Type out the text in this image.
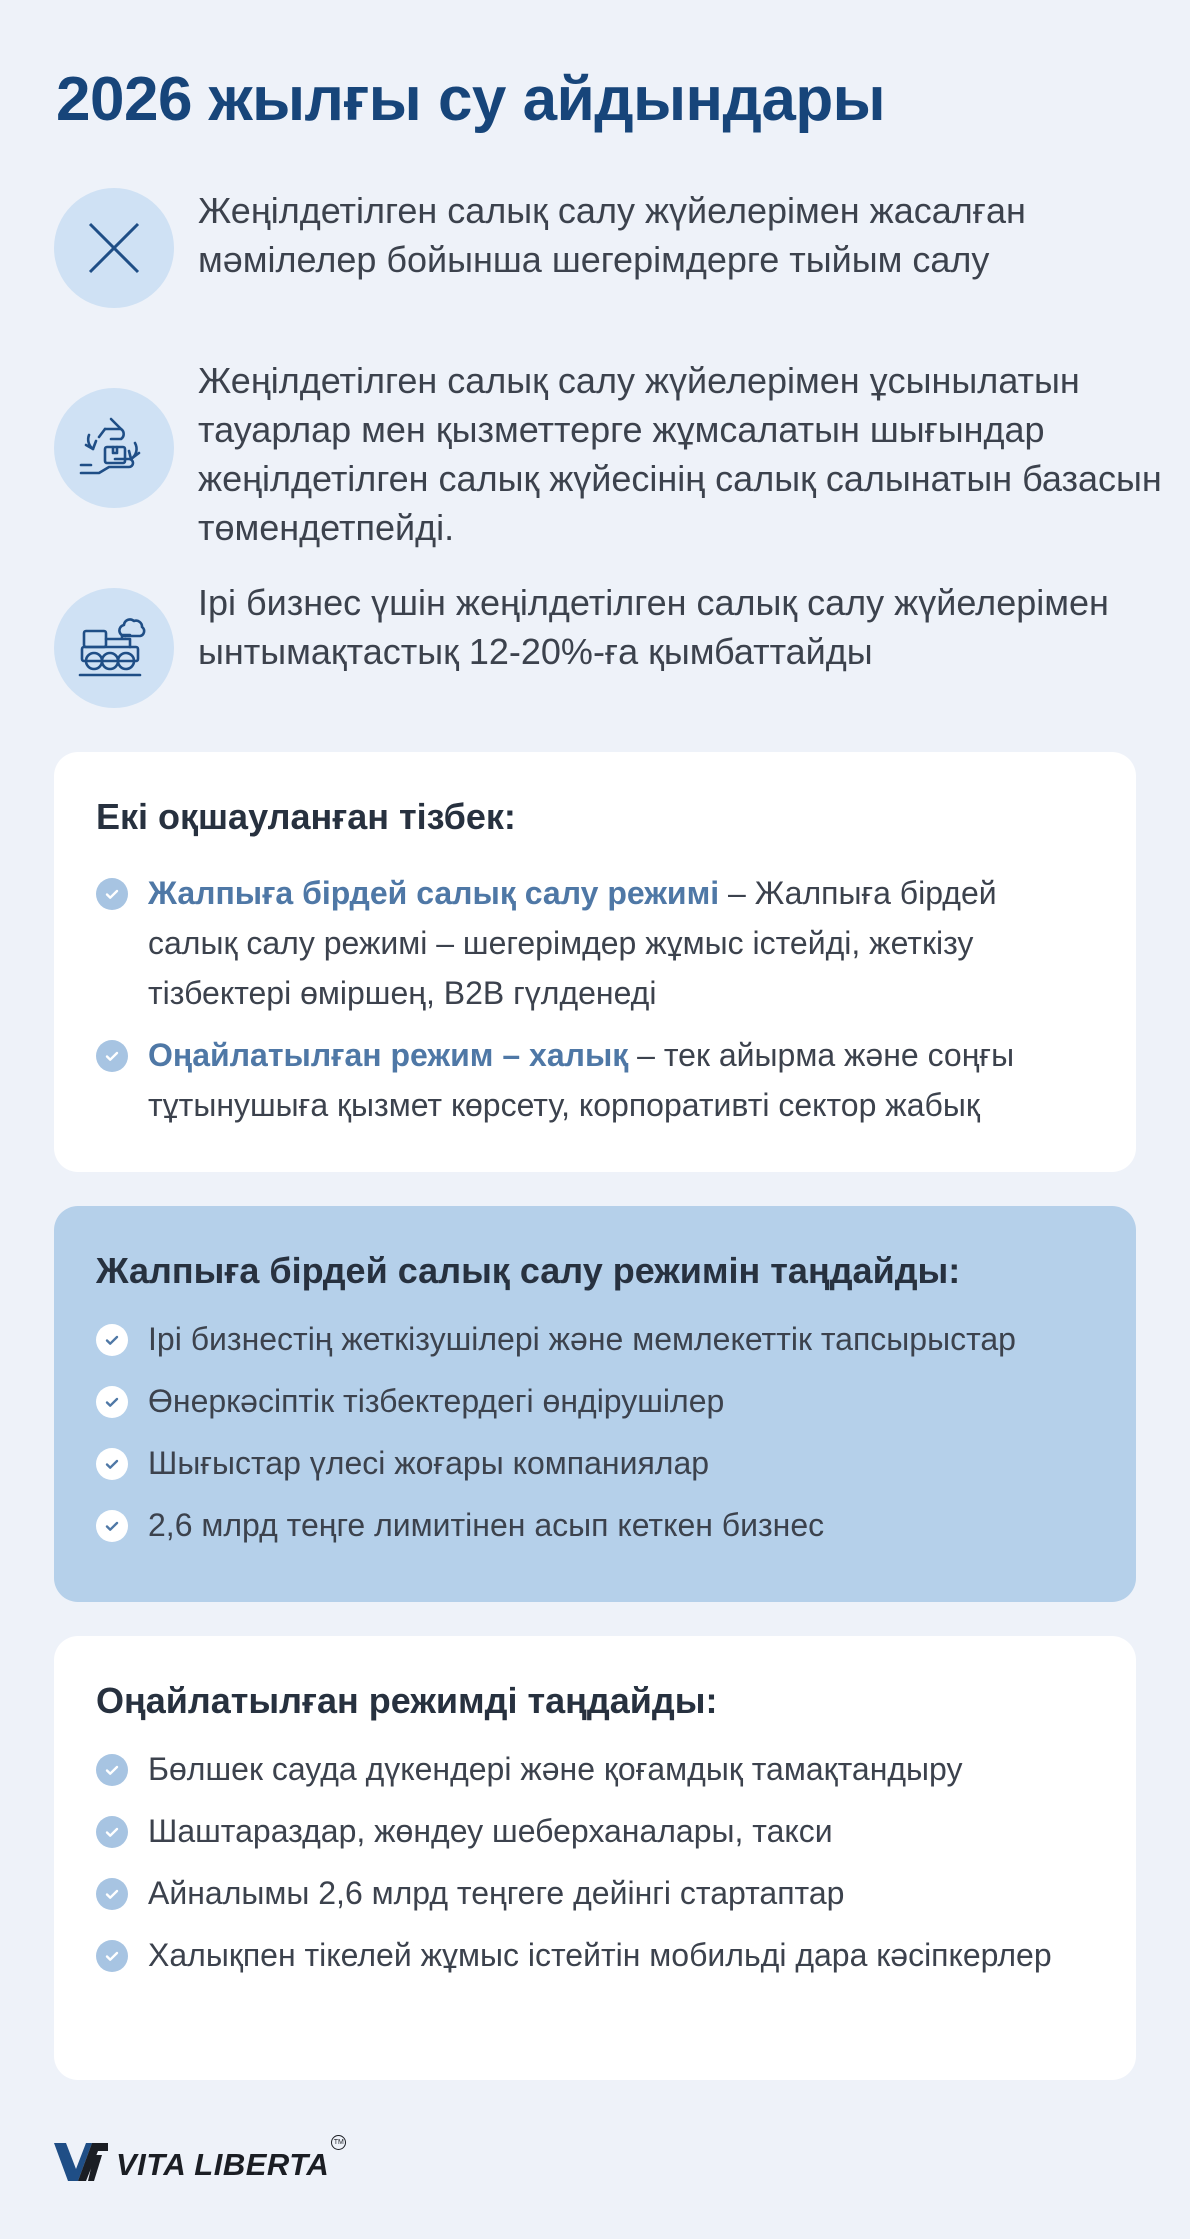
2026 жылғы су айдындары
Жеңілдетілген салық салу жүйелерімен жасалған мәмілелер бойынша шегерімдерге тыйым салу
Жеңілдетілген салық салу жүйелерімен ұсынылатын тауарлар мен қызметтерге жұмсалатын шығындар жеңілдетілген салық жүйесінің салық салынатын базасын төмендетпейді.
Ірі бизнес үшін жеңілдетілген салық салу жүйелерімен ынтымақтастық 12-20%-ға қымбаттайды
Екі оқшауланған тізбек:
Жалпыға бірдей салық салу режимі – Жалпыға бірдей салық салу режимі – шегерімдер жұмыс істейді, жеткізу тізбектері өміршең, B2B гүлденеді
Оңайлатылған режим – халық – тек айырма және соңғы тұтынушыға қызмет көрсету, корпоративті сектор жабық
Жалпыға бірдей салық салу режимін таңдайды:
Ірі бизнестің жеткізушілері және мемлекеттік тапсырыстар
Өнеркәсіптік тізбектердегі өндірушілер
Шығыстар үлесі жоғары компаниялар
2,6 млрд теңге лимитінен асып кеткен бизнес
Оңайлатылған режимді таңдайды:
Бөлшек сауда дүкендері және қоғамдық тамақтандыру
Шаштараздар, жөндеу шеберханалары, такси
Айналымы 2,6 млрд теңгеге дейінгі стартаптар
Халықпен тікелей жұмыс істейтін мобильді дара кәсіпкерлер
VITA LIBERTA
TM
